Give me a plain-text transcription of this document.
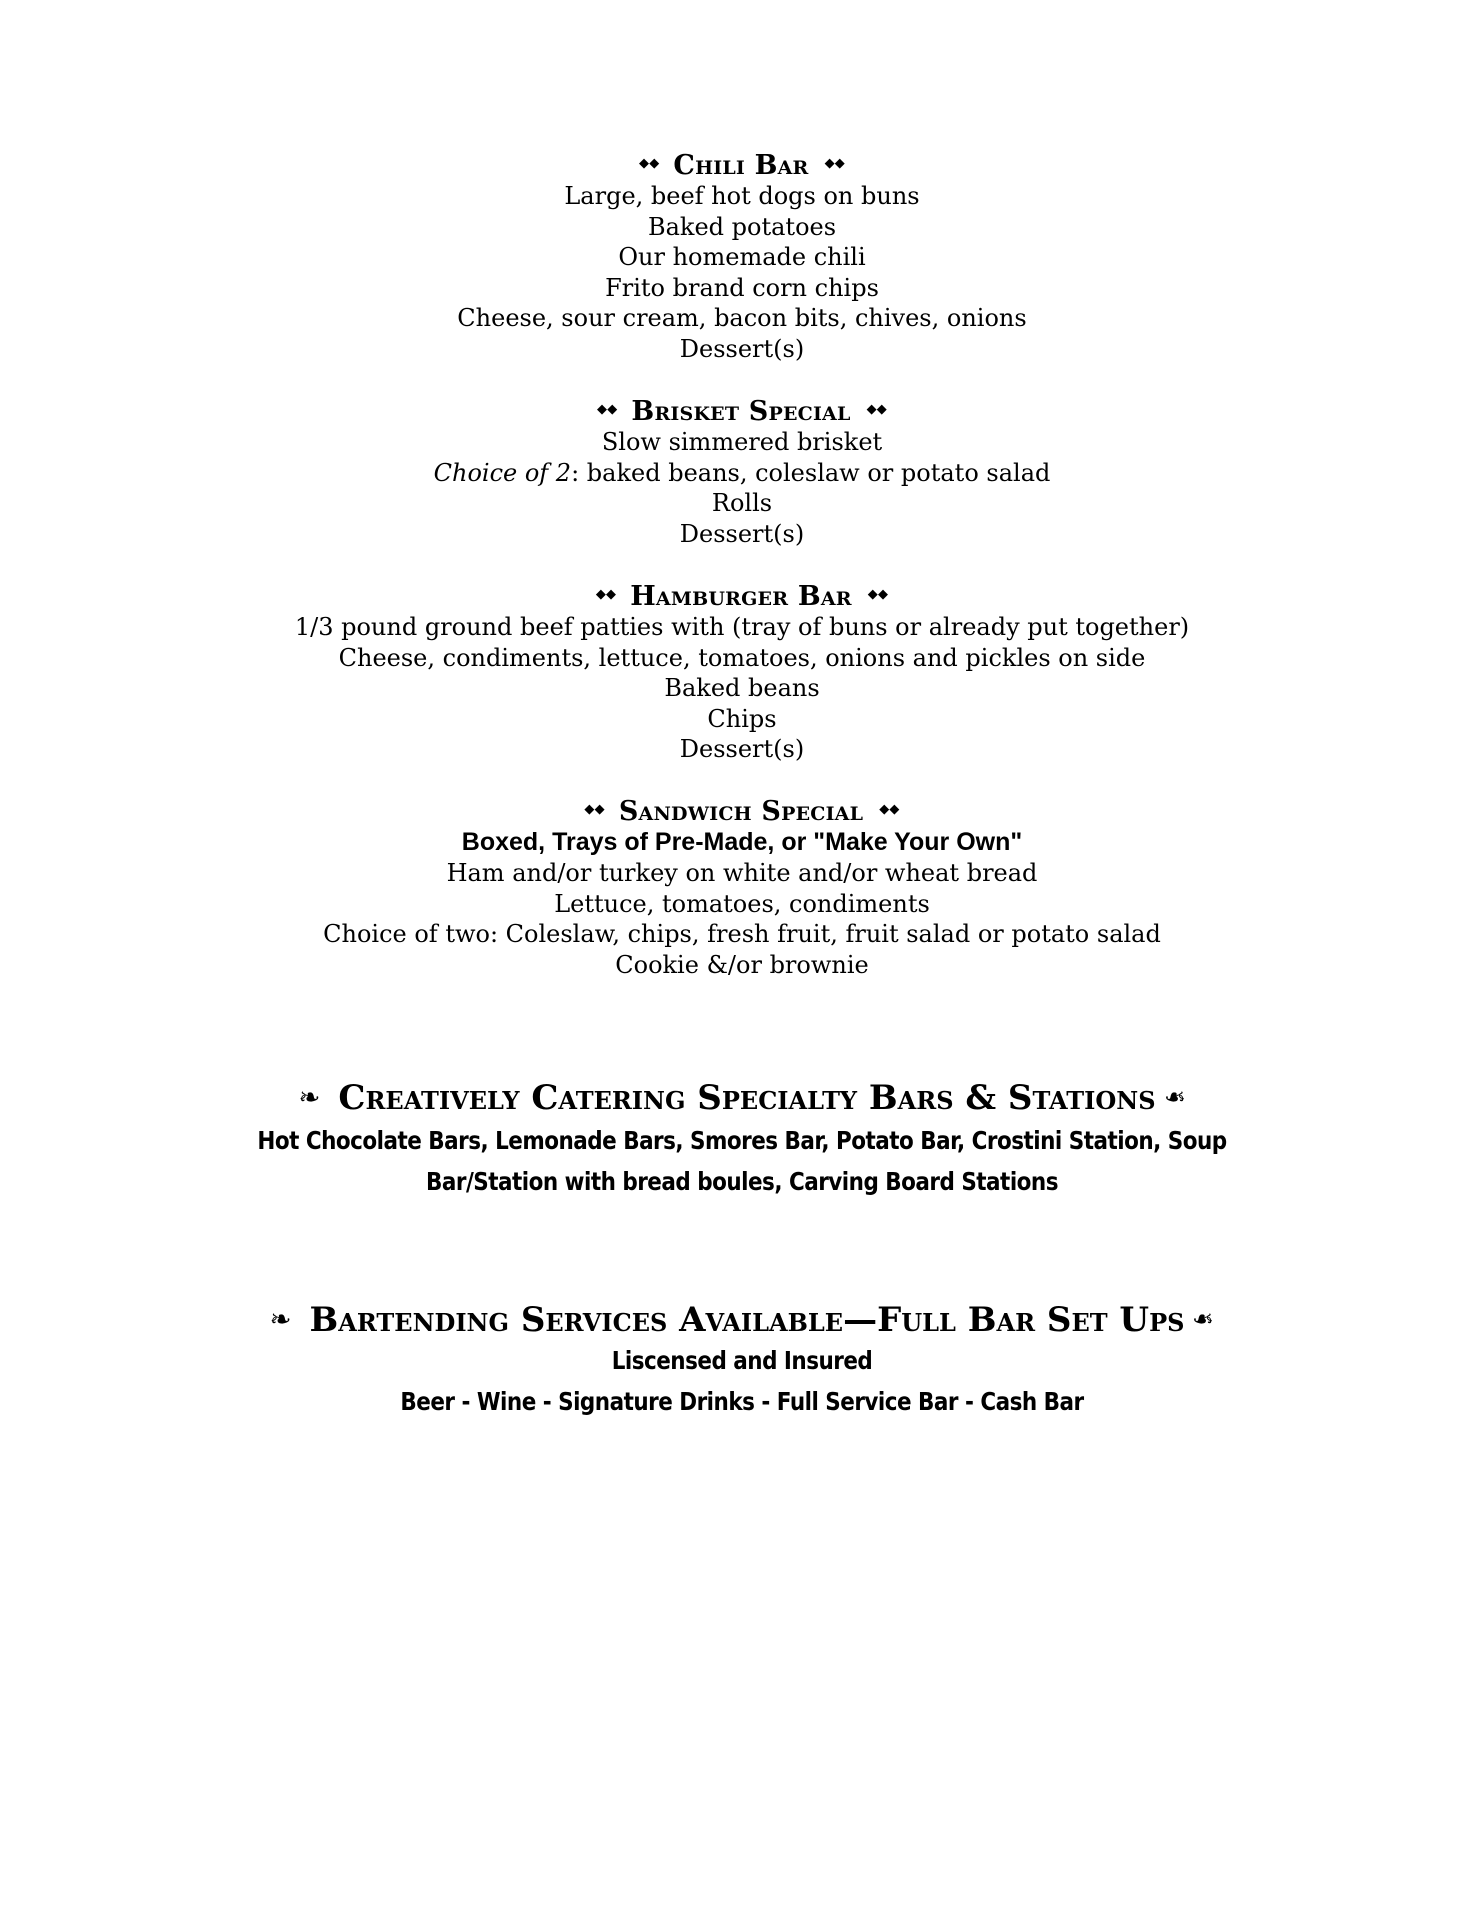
◆◆ Chili Bar ◆◆
Large, beef hot dogs on buns
Baked potatoes
Our homemade chili
Frito brand corn chips
Cheese, sour cream, bacon bits, chives, onions
Dessert(s)
◆◆ Brisket Special ◆◆
Slow simmered brisket
Choice of 2: baked beans, coleslaw or potato salad
Rolls
Dessert(s)
◆◆ Hamburger Bar ◆◆
1/3 pound ground beef patties with (tray of buns or already put together)
Cheese, condiments, lettuce, tomatoes, onions and pickles on side
Baked beans
Chips
Dessert(s)
◆◆ Sandwich Special ◆◆
Boxed, Trays of Pre-Made, or "Make Your Own"
Ham and/or turkey on white and/or wheat bread
Lettuce, tomatoes, condiments
Choice of two: Coleslaw, chips, fresh fruit, fruit salad or potato salad
Cookie &/or brownie
❧ Creatively Catering Specialty Bars & Stations ❧
Hot Chocolate Bars, Lemonade Bars, Smores Bar, Potato Bar, Crostini Station, Soup
Bar/Station with bread boules, Carving Board Stations
❧ Bartending Services Available—Full Bar Set Ups ❧
Liscensed and Insured
Beer - Wine - Signature Drinks - Full Service Bar - Cash Bar
